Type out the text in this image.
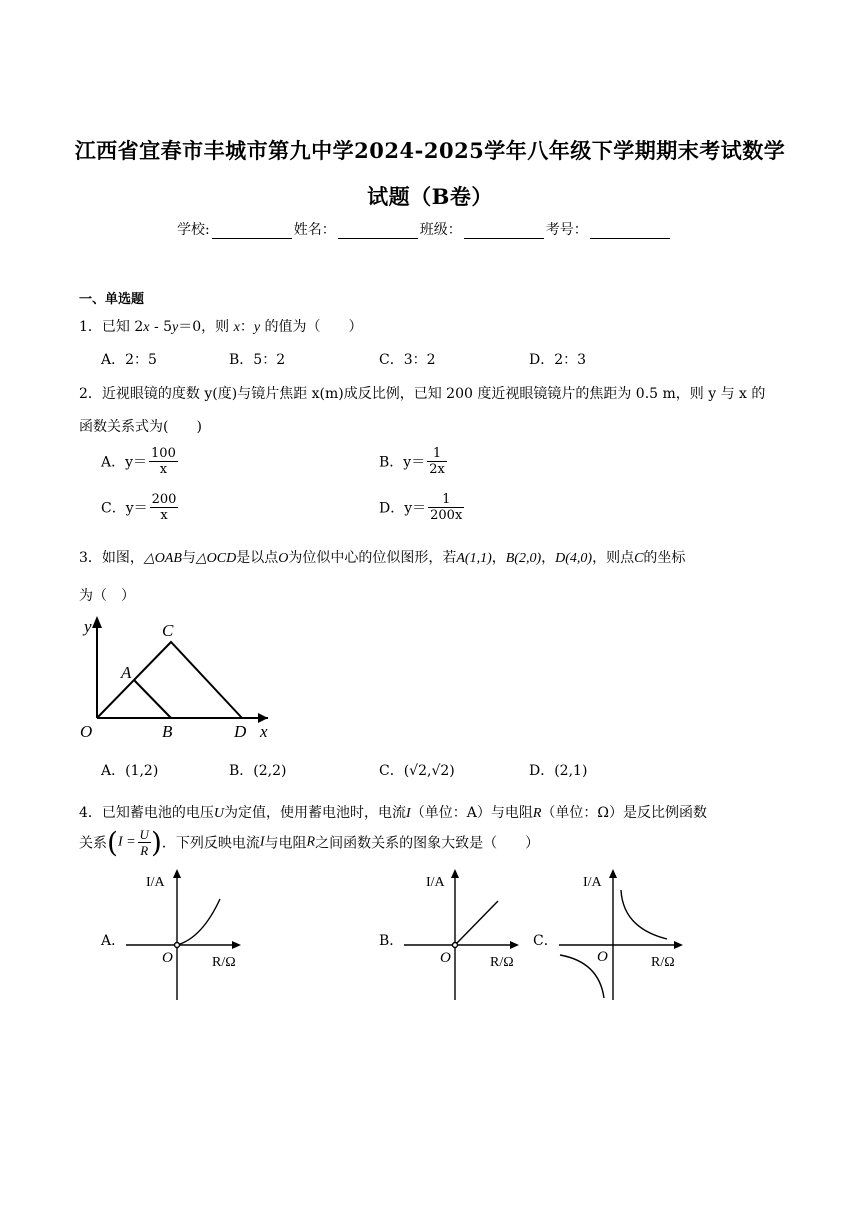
江西省宜春市丰城市第九中学2024-2025学年八年级下学期期末考试数学
试题（B卷）
学校:	姓名：	班级：	考号：
一、单选题
1．已知 2x - 5y＝0，则 x：y 的值为（　　）
A．2：5	B．5：2	C．3：2	D．2：3
2．近视眼镜的度数 y(度)与镜片焦距 x(m)成反比例，已知 200 度近视眼镜镜片的焦距为 0.5 m，则 y 与 x 的
函数关系式为(　　)
A．$y= \frac{100}{x}$	B．$y= \frac{1}{2x}$
C．$y= \frac{200}{x}$	D．$y= \frac{1}{200x}$
3．如图，△OAB与△OCD是以点O为位似中心的位似图形，若A(1,1)，B(2,0)，D(4,0)，则点C的坐标
为（　）
y
x
O
A
B
C
D
A．(1,2)	B．(2,2)	C．(√2,√2)	D．(2,1)
4．已知蓄电池的电压U为定值，使用蓄电池时，电流I（单位：A）与电阻R（单位：Ω）是反比例函数
关系($I = \frac{U}{R}$ )．下列反映电流I与电阻R之间函数关系的图象大致是（　　）
A．	B．	C．
I/A
R/Ω
O
I/A
R/Ω
O
I/A
R/Ω
O
